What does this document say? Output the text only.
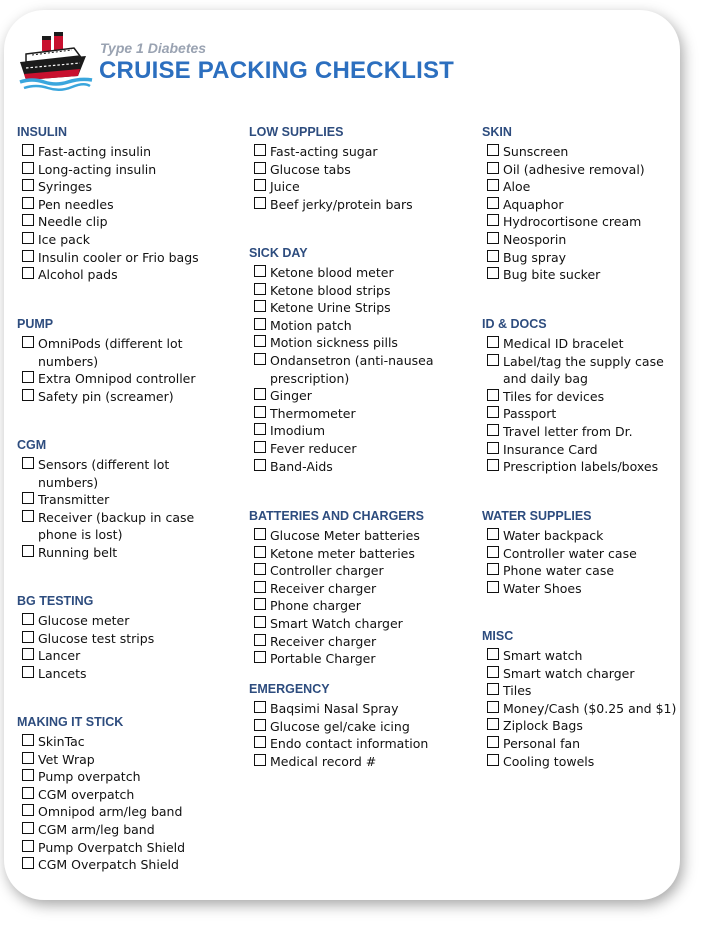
Type 1 Diabetes

CRUISE PACKING CHECKLIST
INSULIN
Fast-acting insulin
Long-acting insulin
Syringes
Pen needles
Needle clip
Ice pack
Insulin cooler or Frio bags
Alcohol pads
PUMP
OmniPods (different lot
numbers)
Extra Omnipod controller
Safety pin (screamer)
CGM
Sensors (different lot
numbers)
Transmitter
Receiver (backup in case
phone is lost)
Running belt
BG TESTING
Glucose meter
Glucose test strips
Lancer
Lancets
MAKING IT STICK
SkinTac
Vet Wrap
Pump overpatch
CGM overpatch
Omnipod arm/leg band
CGM arm/leg band
Pump Overpatch Shield
CGM Overpatch Shield
LOW SUPPLIES
Fast-acting sugar
Glucose tabs
Juice
Beef jerky/protein bars
SICK DAY
Ketone blood meter
Ketone blood strips
Ketone Urine Strips
Motion patch
Motion sickness pills
Ondansetron (anti-nausea
prescription)
Ginger
Thermometer
Imodium
Fever reducer
Band-Aids
BATTERIES AND CHARGERS
Glucose Meter batteries
Ketone meter batteries
Controller charger
Receiver charger
Phone charger
Smart Watch charger
Receiver charger
Portable Charger
EMERGENCY
Baqsimi Nasal Spray
Glucose gel/cake icing
Endo contact information
Medical record #
SKIN
Sunscreen
Oil (adhesive removal)
Aloe
Aquaphor
Hydrocortisone cream
Neosporin
Bug spray
Bug bite sucker
ID & DOCS
Medical ID bracelet
Label/tag the supply case
and daily bag
Tiles for devices
Passport
Travel letter from Dr.
Insurance Card
Prescription labels/boxes
WATER SUPPLIES
Water backpack
Controller water case
Phone water case
Water Shoes
MISC
Smart watch
Smart watch charger
Tiles
Money/Cash ($0.25 and $1)
Ziplock Bags
Personal fan
Cooling towels
